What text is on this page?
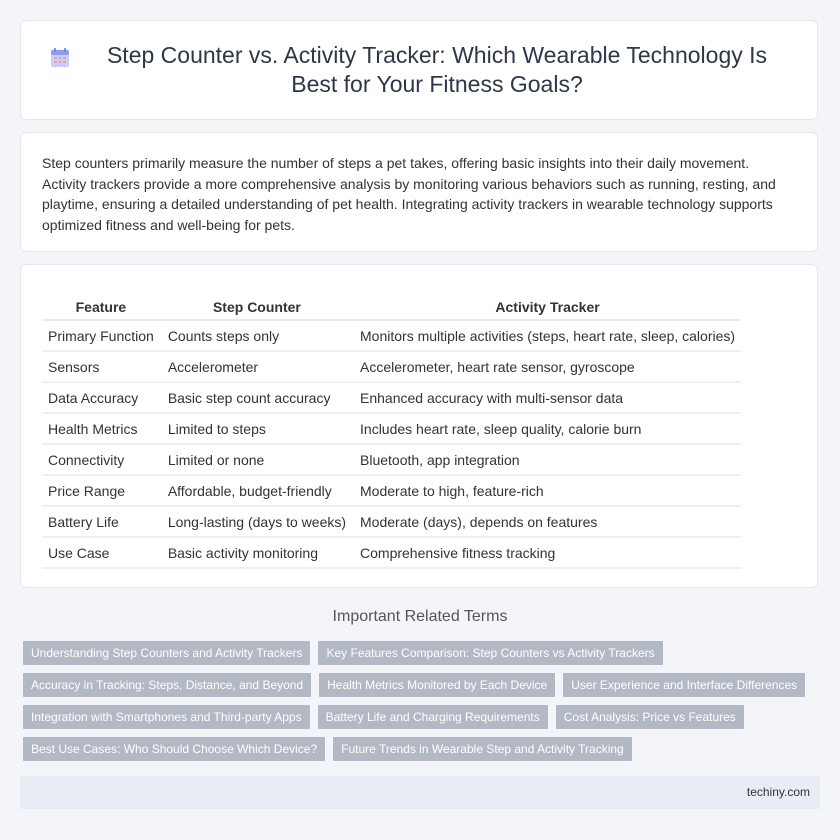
Step Counter vs. Activity Tracker: Which Wearable Technology Is Best for Your Fitness Goals?

Step counters primarily measure the number of steps a pet takes, offering basic insights into their daily movement. Activity trackers provide a more comprehensive analysis by monitoring various behaviors such as running, resting, and playtime, ensuring a detailed understanding of pet health. Integrating activity trackers in wearable technology supports optimized fitness and well-being for pets.

Feature	Step Counter	Activity Tracker
Primary Function	Counts steps only	Monitors multiple activities (steps, heart rate, sleep, calories)
Sensors	Accelerometer	Accelerometer, heart rate sensor, gyroscope
Data Accuracy	Basic step count accuracy	Enhanced accuracy with multi-sensor data
Health Metrics	Limited to steps	Includes heart rate, sleep quality, calorie burn
Connectivity	Limited or none	Bluetooth, app integration
Price Range	Affordable, budget-friendly	Moderate to high, feature-rich
Battery Life	Long-lasting (days to weeks)	Moderate (days), depends on features
Use Case	Basic activity monitoring	Comprehensive fitness tracking
Important Related Terms
Understanding Step Counters and Activity Trackers	Key Features Comparison: Step Counters vs Activity Trackers
Accuracy in Tracking: Steps, Distance, and Beyond	Health Metrics Monitored by Each Device	User Experience and Interface Differences
Integration with Smartphones and Third-party Apps	Battery Life and Charging Requirements	Cost Analysis: Price vs Features
Best Use Cases: Who Should Choose Which Device?	Future Trends in Wearable Step and Activity Tracking
techiny.com
